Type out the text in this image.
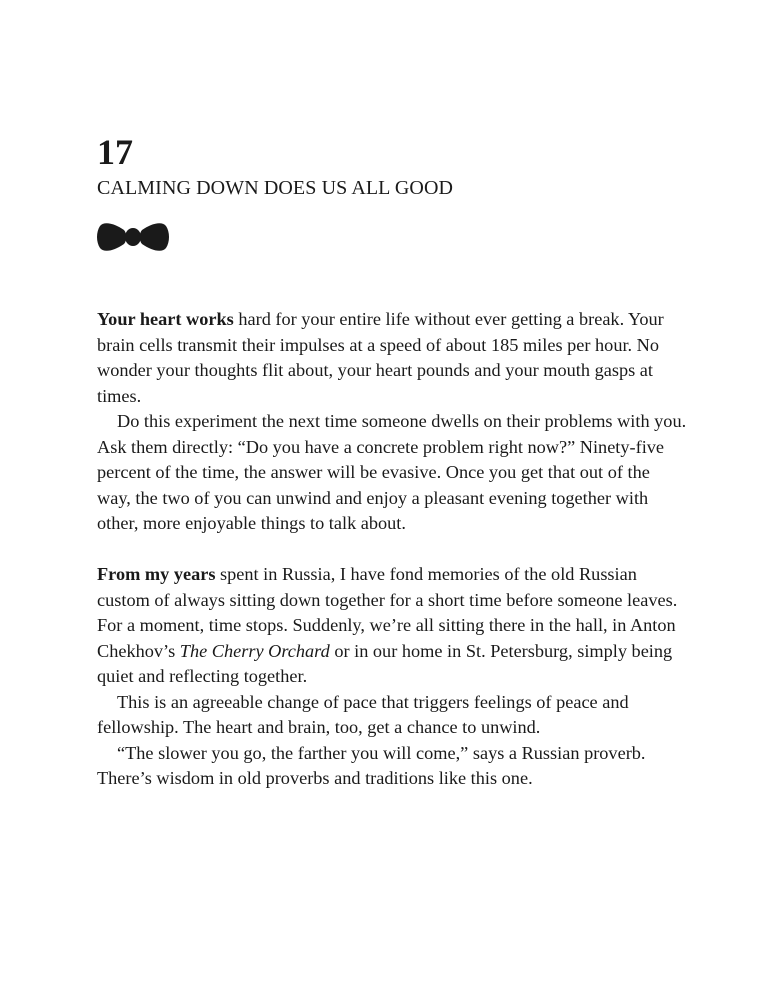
17
CALMING DOWN DOES US ALL GOOD

Your heart works hard for your entire life without ever getting a break. Your brain cells transmit their impulses at a speed of about 185 miles per hour. No wonder your thoughts flit about, your heart pounds and your mouth gasps at times.

Do this experiment the next time someone dwells on their problems with you. Ask them directly: “Do you have a concrete problem right now?” Ninety-five percent of the time, the answer will be evasive. Once you get that out of the way, the two of you can unwind and enjoy a pleasant evening together with other, more enjoyable things to talk about.

From my years spent in Russia, I have fond memories of the old Russian custom of always sitting down together for a short time before someone leaves. For a moment, time stops. Suddenly, we’re all sitting there in the hall, in Anton Chekhov’s The Cherry Orchard or in our home in St. Petersburg, simply being quiet and reflecting together.

This is an agreeable change of pace that triggers feelings of peace and fellowship. The heart and brain, too, get a chance to unwind.

“The slower you go, the farther you will come,” says a Russian proverb. There’s wisdom in old proverbs and traditions like this one.
